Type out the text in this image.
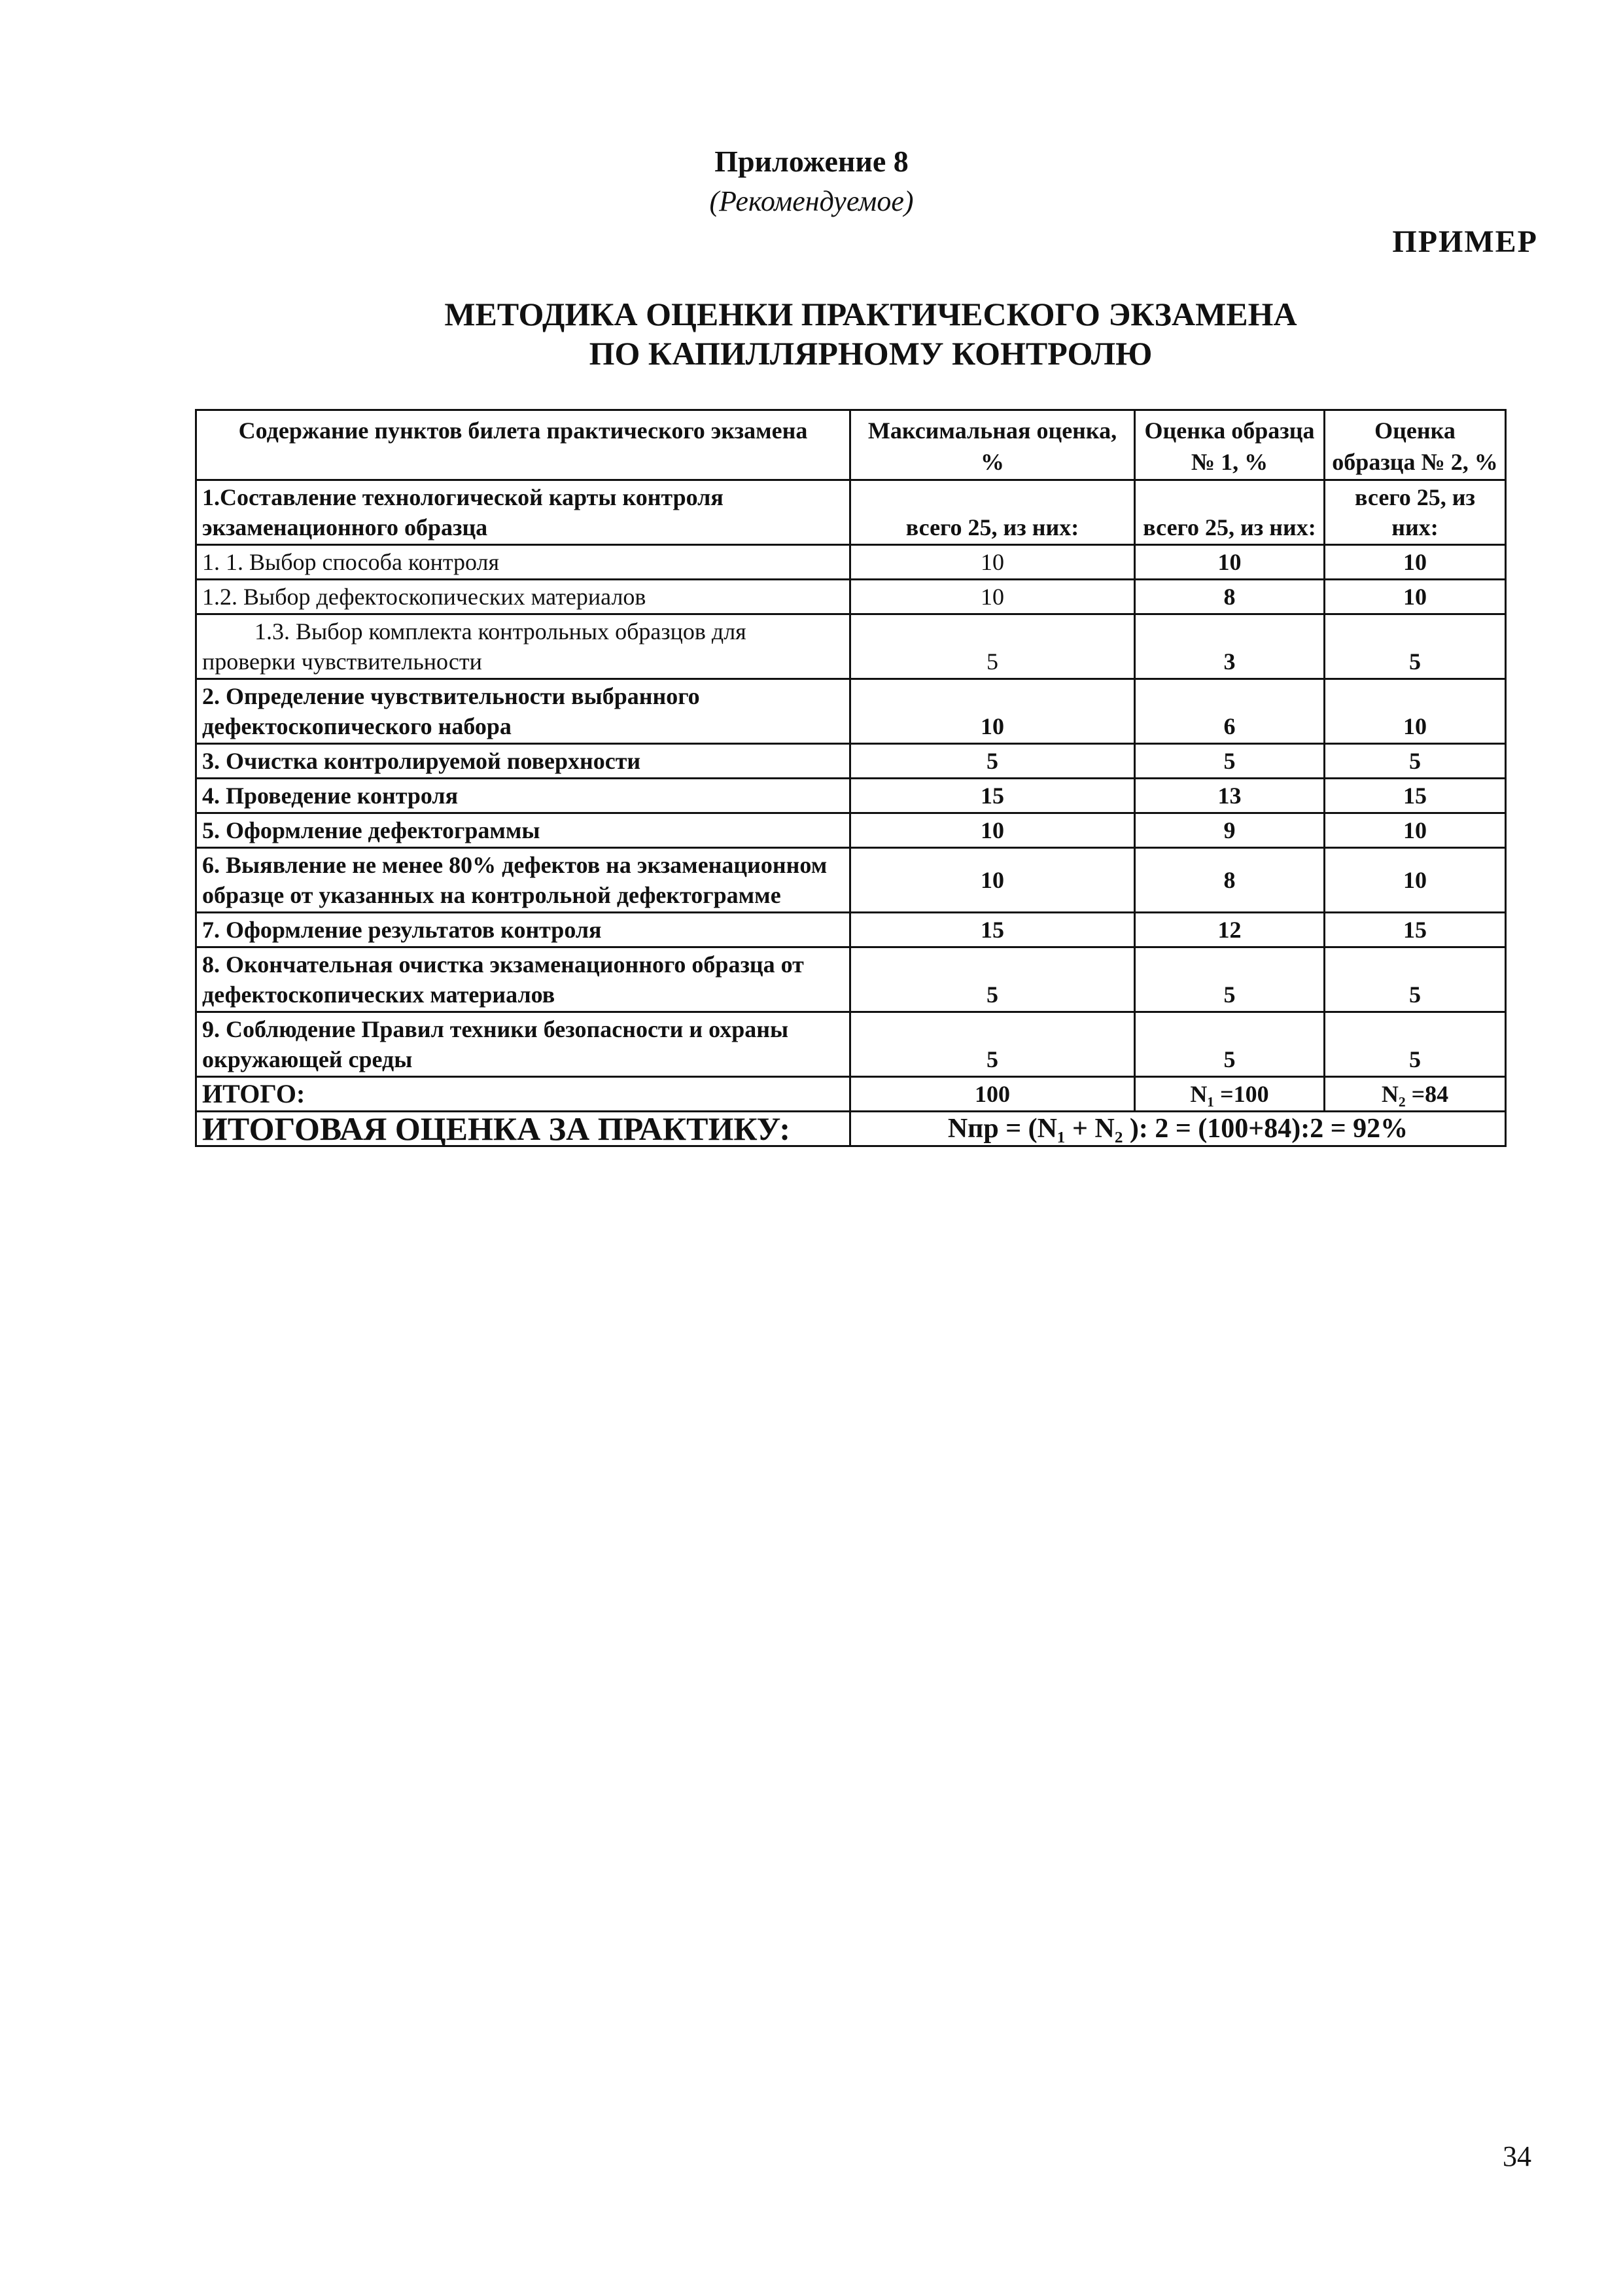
Приложение 8
(Рекомендуемое)
ПРИМЕР
МЕТОДИКА ОЦЕНКИ ПРАКТИЧЕСКОГО ЭКЗАМЕНА
ПО КАПИЛЛЯРНОМУ КОНТРОЛЮ
Содержание пунктов билета практического экзамена	Максимальная оценка, %	Оценка образца № 1, %	Оценка образца № 2, %
1.Составление технологической карты контроля экзаменационного образца	всего 25, из них:	всего 25, из них:	всего 25, из них:
1. 1. Выбор способа контроля	10	10	10
1.2. Выбор дефектоскопических материалов	10	8	10
1.3. Выбор комплекта контрольных образцов для проверки чувствительности	5	3	5
2. Определение чувствительности выбранного дефектоскопического набора	10	6	10
3. Очистка контролируемой поверхности	5	5	5
4. Проведение контроля	15	13	15
5. Оформление дефектограммы	10	9	10
6. Выявление не менее 80% дефектов на экзаменационном образце от указанных на контрольной дефектограмме	10	8	10
7. Оформление результатов контроля	15	12	15
8. Окончательная очистка экзаменационного образца от дефектоскопических материалов	5	5	5
9. Соблюдение Правил техники безопасности и охраны окружающей среды	5	5	5
ИТОГО:	100	N₁ =100	N₂ =84
ИТОГОВАЯ ОЦЕНКА ЗА ПРАКТИКУ:	Nпр = (N₁ + N₂ ): 2 = (100+84):2 = 92%		
34
